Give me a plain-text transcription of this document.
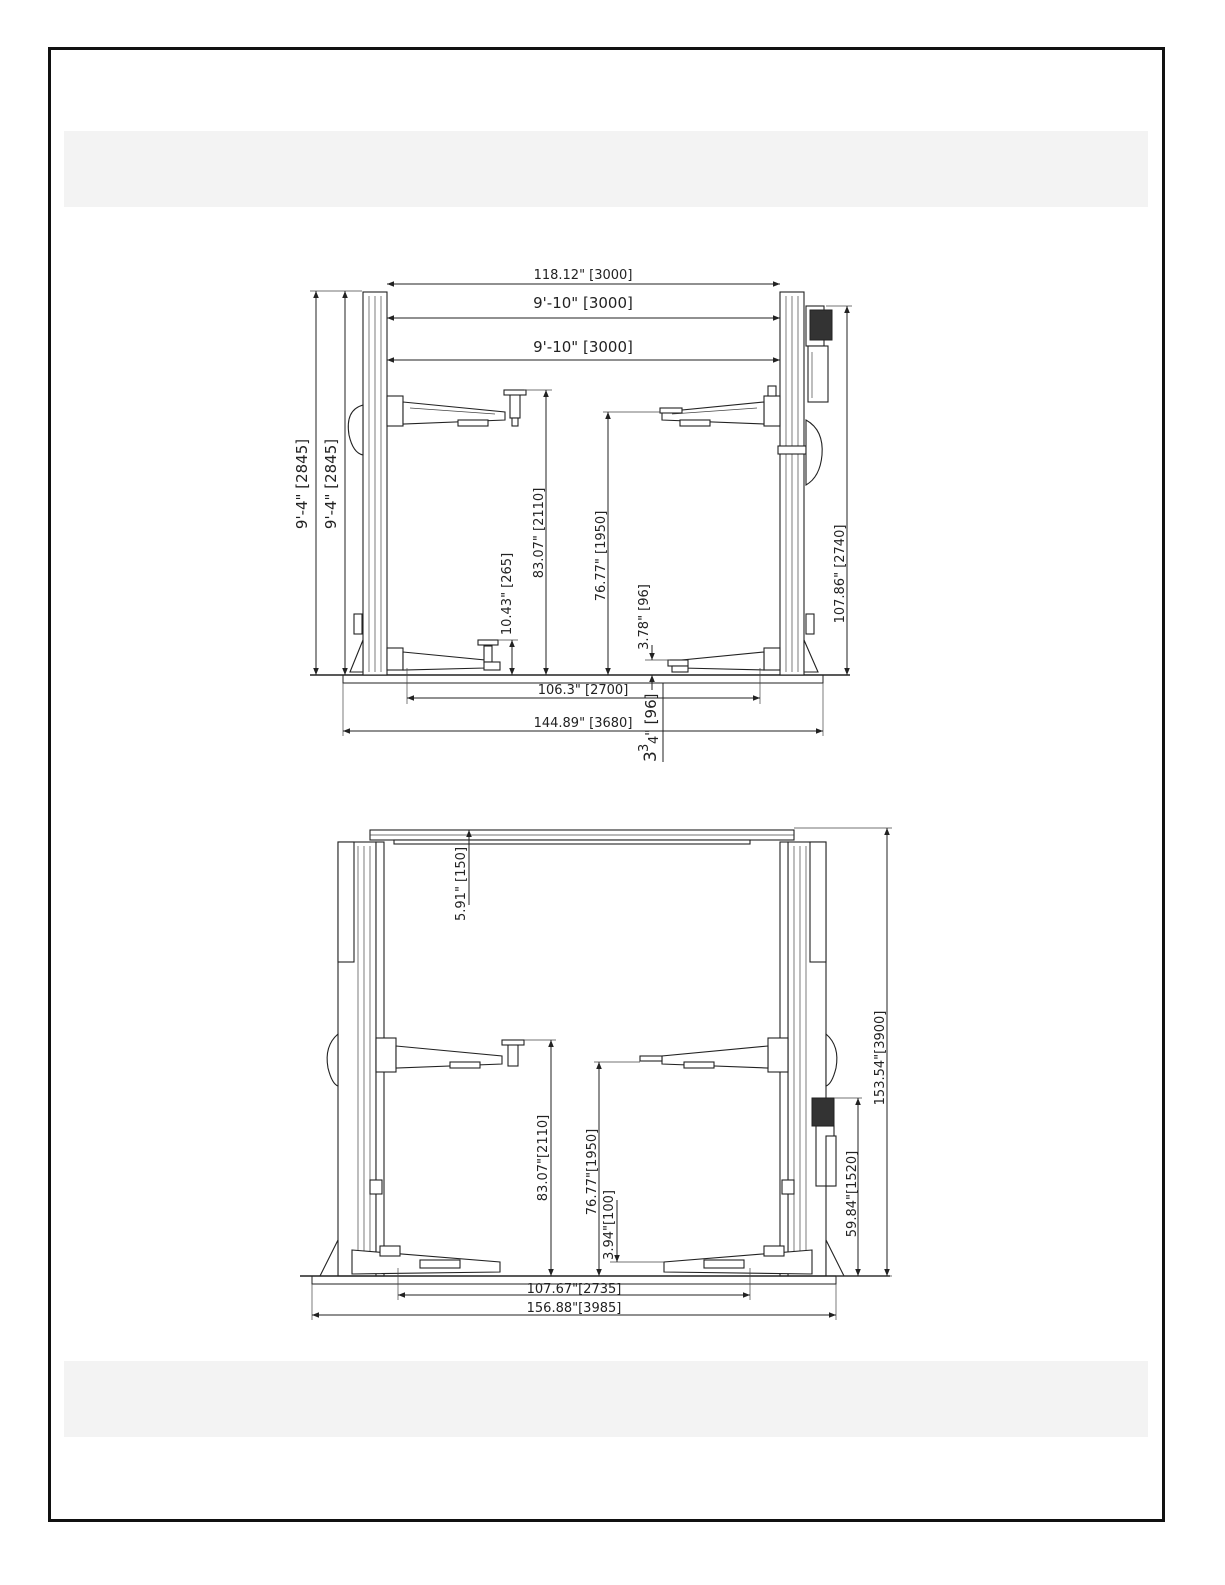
118.12" [3000]
9'-10" [3000]
9'-10" [3000]
106.3" [2700]
144.89" [3680]
9'-4" [2845] 9'-4" [2845]
83.07" [2110]
10.43" [265]	76.77" [1950]
3.78" [96]	107.86" [2740]
3
3
4
" [96]
5.91" [150]
153.54"[3900]
83.07"[2110]	76.77"[1950]
3.94"[100]	59.84"[1520]
107.67"[2735]
156.88"[3985]
